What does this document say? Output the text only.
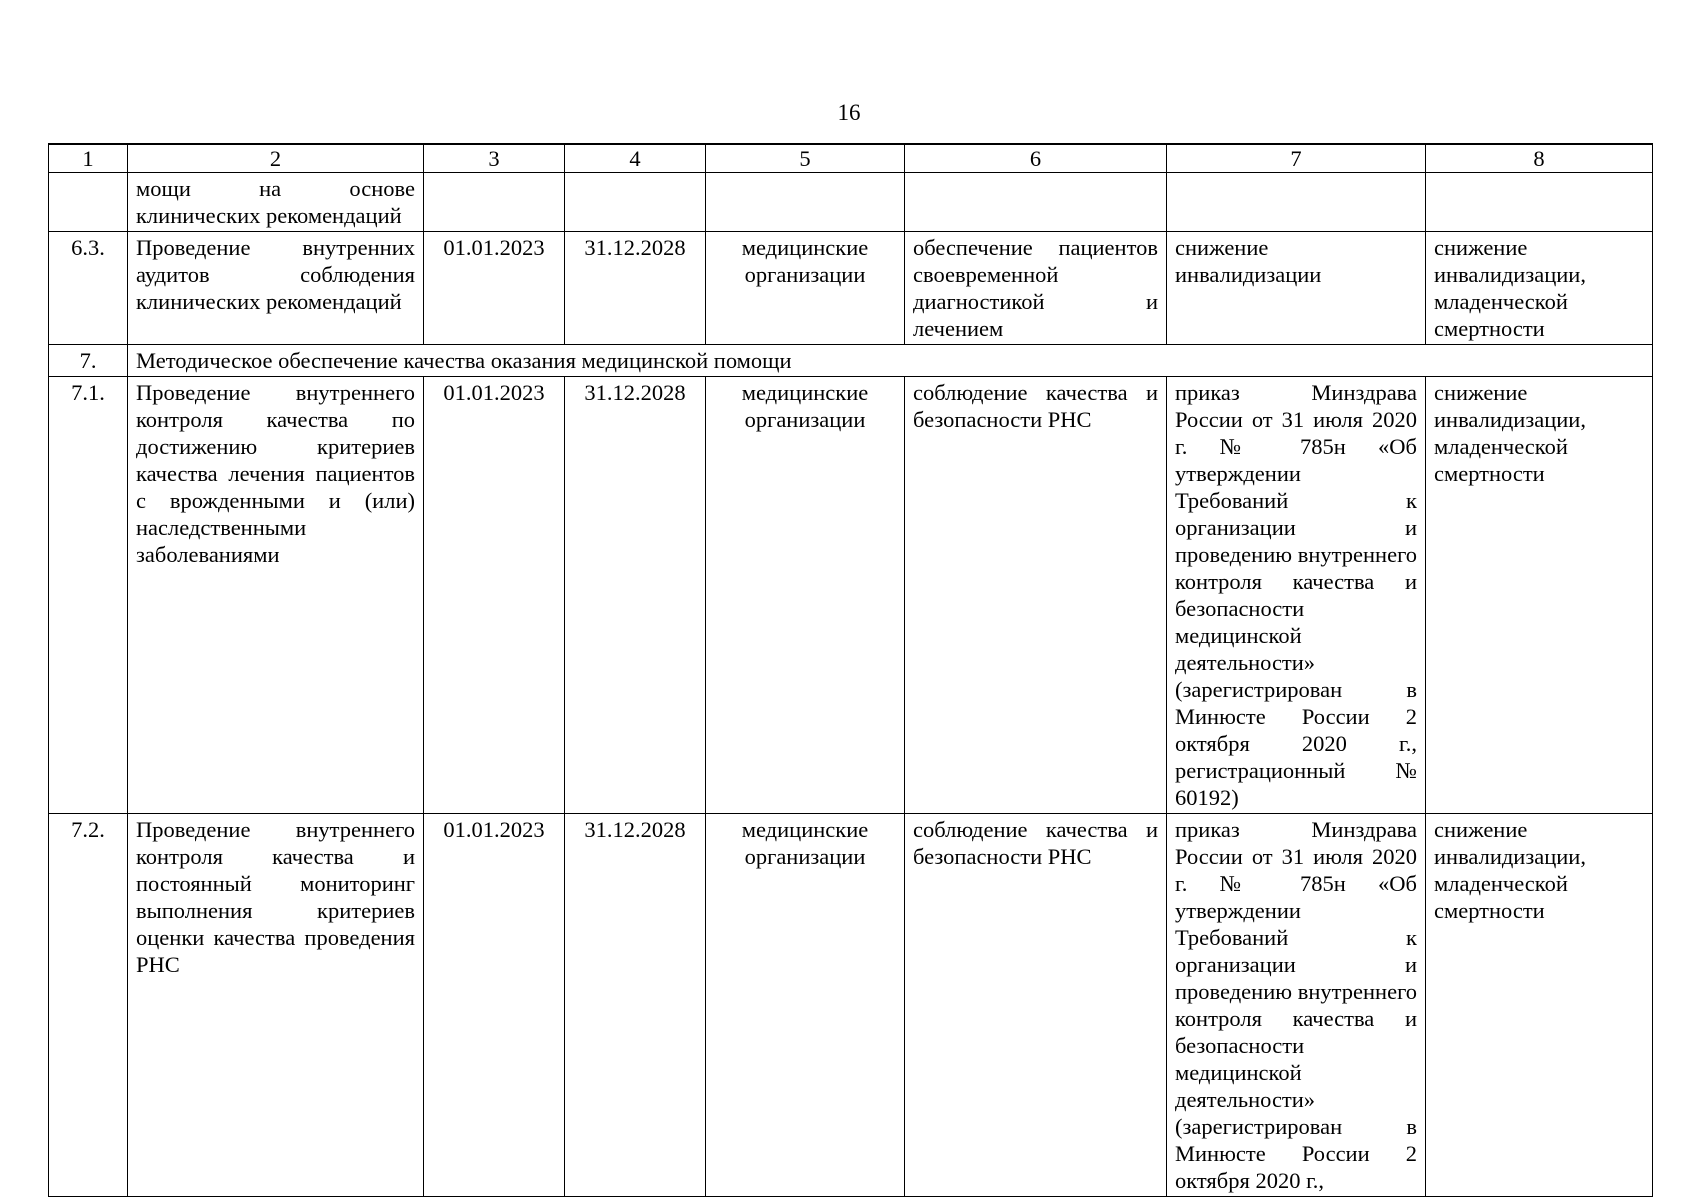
16
1	2	3	4	5	6	7	8
	мощи на основе клинических рекомендаций						
6.3.	Проведение внутренних аудитов соблюдения клинических рекомендаций	01.01.2023	31.12.2028	медицинские организации	обеспечение пациентов своевременной диагностикой и лечением	снижение инвалидизации	снижение инвалидизации, младенческой смертности
7.	Методическое обеспечение качества оказания медицинской помощи						
7.1.	Проведение внутреннего контроля качества по достижению критериев качества лечения пациентов с врожденными и (или) наследственными заболеваниями	01.01.2023	31.12.2028	медицинские организации	соблюдение качества и безопасности РНС	приказ Минздрава России от 31 июля 2020 г. № 785н «Об утверждении Требований к организации и проведению внутреннего контроля качества и безопасности медицинской деятельности» (зарегистрирован в Минюсте России 2 октября 2020 г., регистрационный № 60192)	снижение инвалидизации, младенческой смертности
7.2.	Проведение внутреннего контроля качества и постоянный мониторинг выполнения критериев оценки качества проведения РНС	01.01.2023	31.12.2028	медицинские организации	соблюдение качества и безопасности РНС	приказ Минздрава России от 31 июля 2020 г. № 785н «Об утверждении Требований к организации и проведению внутреннего контроля качества и безопасности медицинской деятельности» (зарегистрирован в Минюсте России 2 октября 2020 г.,	снижение инвалидизации, младенческой смертности
